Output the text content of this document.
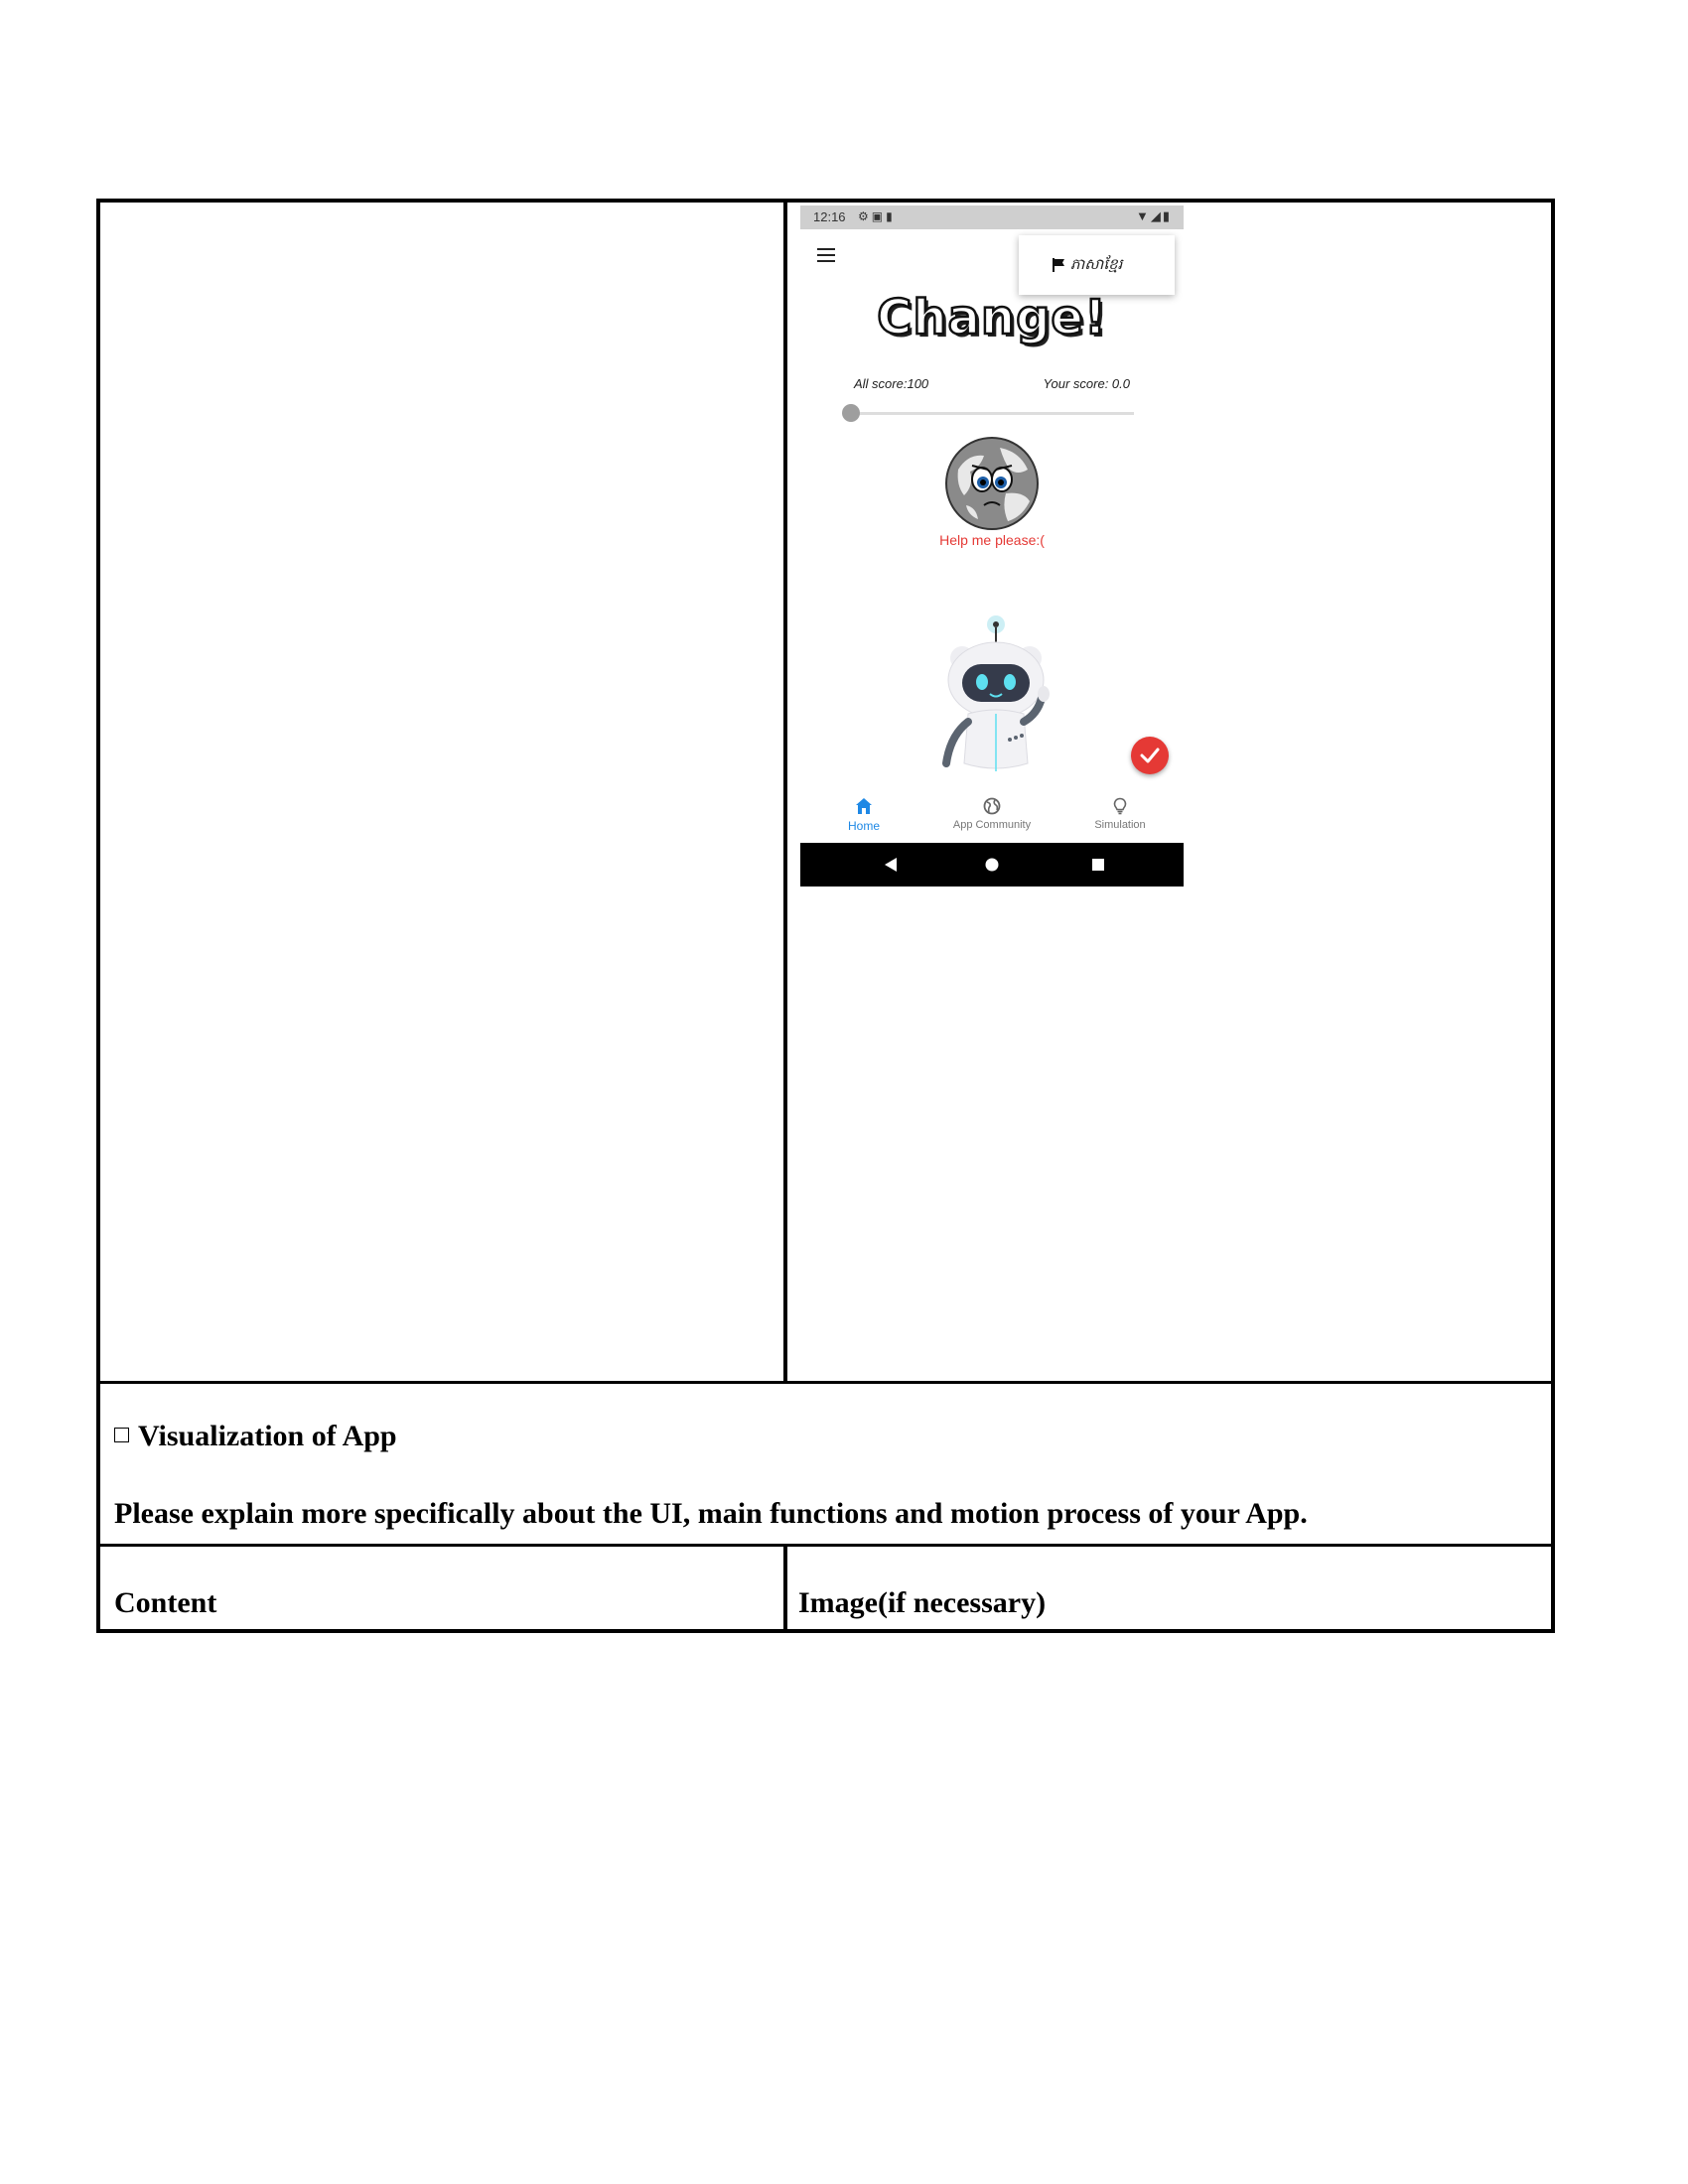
12:16 ⚙▣▮	▼◢▮
ភាសាខ្មែរ
Change!
All score:100	Your score: 0.0
Help me please:(
Home	App Community	Simulation
Visualization of App
Please explain more specifically about the UI, main functions and motion process of your App.
Content	Image(if necessary)
